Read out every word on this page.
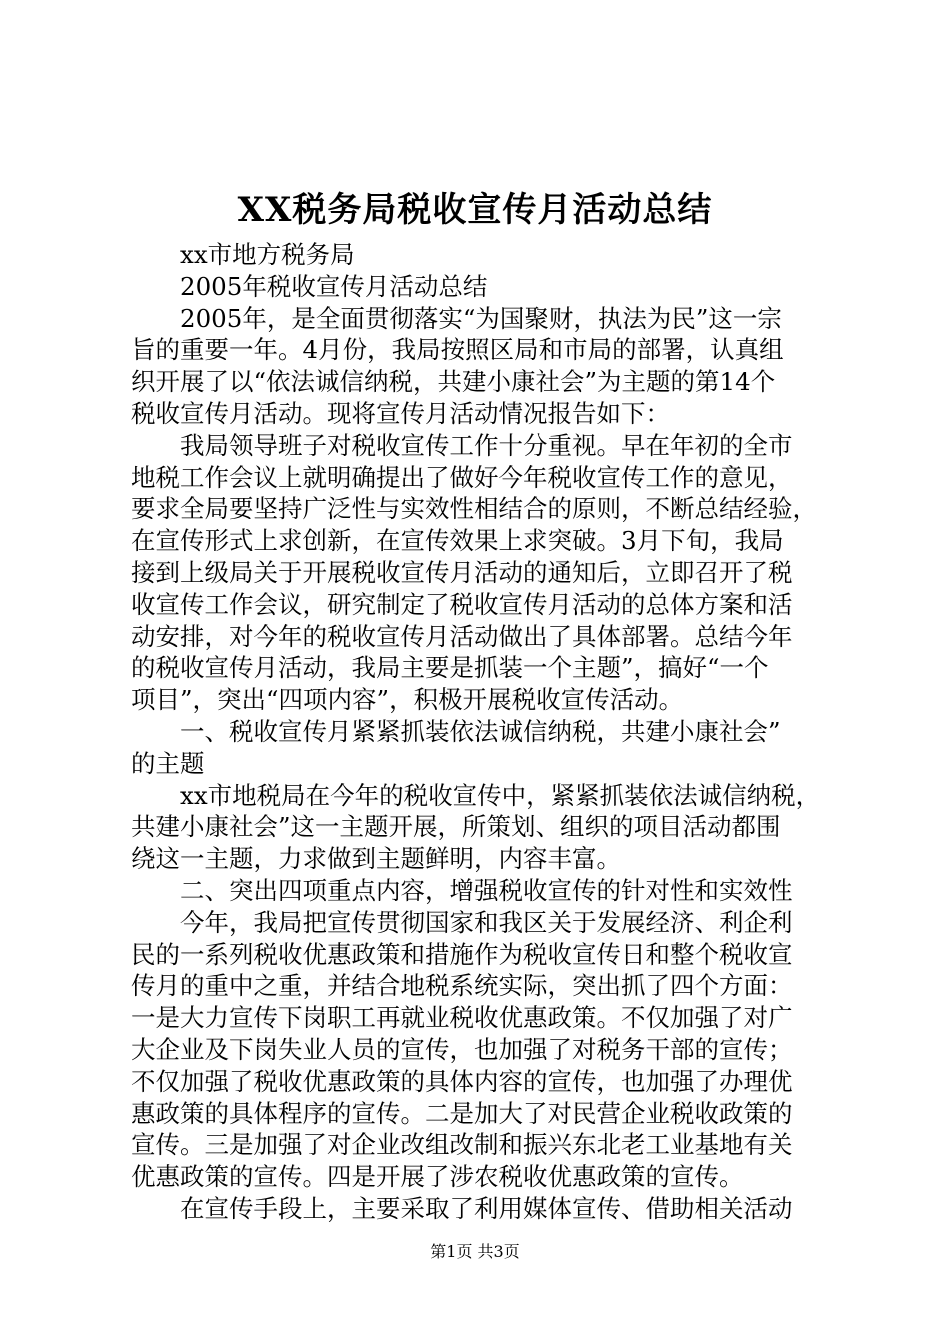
XX税务局税收宣传月活动总结
xx市地方税务局
2005年税收宣传月活动总结
2005年，是全面贯彻落实“为国聚财，执法为民”这一宗
旨的重要一年。4月份，我局按照区局和市局的部署，认真组
织开展了以“依法诚信纳税，共建小康社会”为主题的第14个
税收宣传月活动。现将宣传月活动情况报告如下：
我局领导班子对税收宣传工作十分重视。早在年初的全市
地税工作会议上就明确提出了做好今年税收宣传工作的意见，
要求全局要坚持广泛性与实效性相结合的原则，不断总结经验，
在宣传形式上求创新，在宣传效果上求突破。3月下旬，我局
接到上级局关于开展税收宣传月活动的通知后，立即召开了税
收宣传工作会议，研究制定了税收宣传月活动的总体方案和活
动安排，对今年的税收宣传月活动做出了具体部署。总结今年
的税收宣传月活动，我局主要是抓装一个主题”，搞好“一个
项目”，突出“四项内容”，积极开展税收宣传活动。
一、税收宣传月紧紧抓装依法诚信纳税，共建小康社会”
的主题
xx市地税局在今年的税收宣传中，紧紧抓装依法诚信纳税，
共建小康社会”这一主题开展，所策划、组织的项目活动都围
绕这一主题，力求做到主题鲜明，内容丰富。
二、突出四项重点内容，增强税收宣传的针对性和实效性
今年，我局把宣传贯彻国家和我区关于发展经济、利企利
民的一系列税收优惠政策和措施作为税收宣传日和整个税收宣
传月的重中之重，并结合地税系统实际，突出抓了四个方面：
一是大力宣传下岗职工再就业税收优惠政策。不仅加强了对广
大企业及下岗失业人员的宣传，也加强了对税务干部的宣传；
不仅加强了税收优惠政策的具体内容的宣传，也加强了办理优
惠政策的具体程序的宣传。二是加大了对民营企业税收政策的
宣传。三是加强了对企业改组改制和振兴东北老工业基地有关
优惠政策的宣传。四是开展了涉农税收优惠政策的宣传。
在宣传手段上，主要采取了利用媒体宣传、借助相关活动
第1页 共3页
